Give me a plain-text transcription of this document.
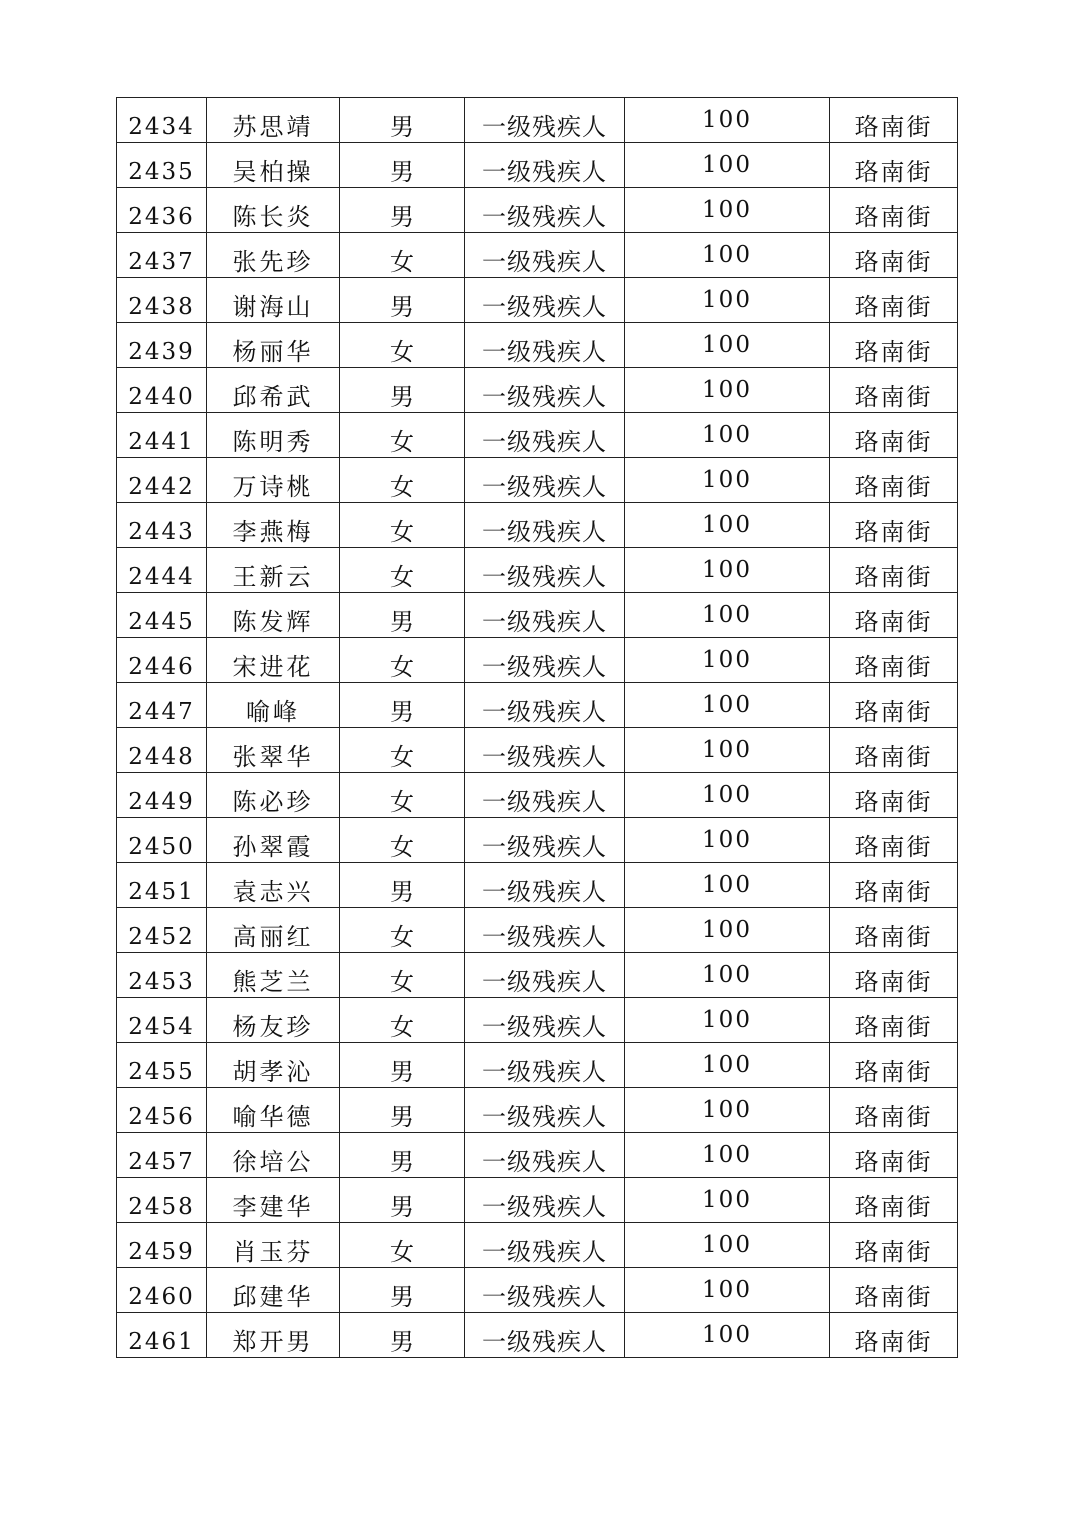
2434	苏思靖	男	一级残疾人	100	珞南街
2435	吴柏操	男	一级残疾人	100	珞南街
2436	陈长炎	男	一级残疾人	100	珞南街
2437	张先珍	女	一级残疾人	100	珞南街
2438	谢海山	男	一级残疾人	100	珞南街
2439	杨丽华	女	一级残疾人	100	珞南街
2440	邱希武	男	一级残疾人	100	珞南街
2441	陈明秀	女	一级残疾人	100	珞南街
2442	万诗桃	女	一级残疾人	100	珞南街
2443	李燕梅	女	一级残疾人	100	珞南街
2444	王新云	女	一级残疾人	100	珞南街
2445	陈发辉	男	一级残疾人	100	珞南街
2446	宋进花	女	一级残疾人	100	珞南街
2447	喻峰	男	一级残疾人	100	珞南街
2448	张翠华	女	一级残疾人	100	珞南街
2449	陈必珍	女	一级残疾人	100	珞南街
2450	孙翠霞	女	一级残疾人	100	珞南街
2451	袁志兴	男	一级残疾人	100	珞南街
2452	高丽红	女	一级残疾人	100	珞南街
2453	熊芝兰	女	一级残疾人	100	珞南街
2454	杨友珍	女	一级残疾人	100	珞南街
2455	胡孝沁	男	一级残疾人	100	珞南街
2456	喻华德	男	一级残疾人	100	珞南街
2457	徐培公	男	一级残疾人	100	珞南街
2458	李建华	男	一级残疾人	100	珞南街
2459	肖玉芬	女	一级残疾人	100	珞南街
2460	邱建华	男	一级残疾人	100	珞南街
2461	郑开男	男	一级残疾人	100	珞南街
